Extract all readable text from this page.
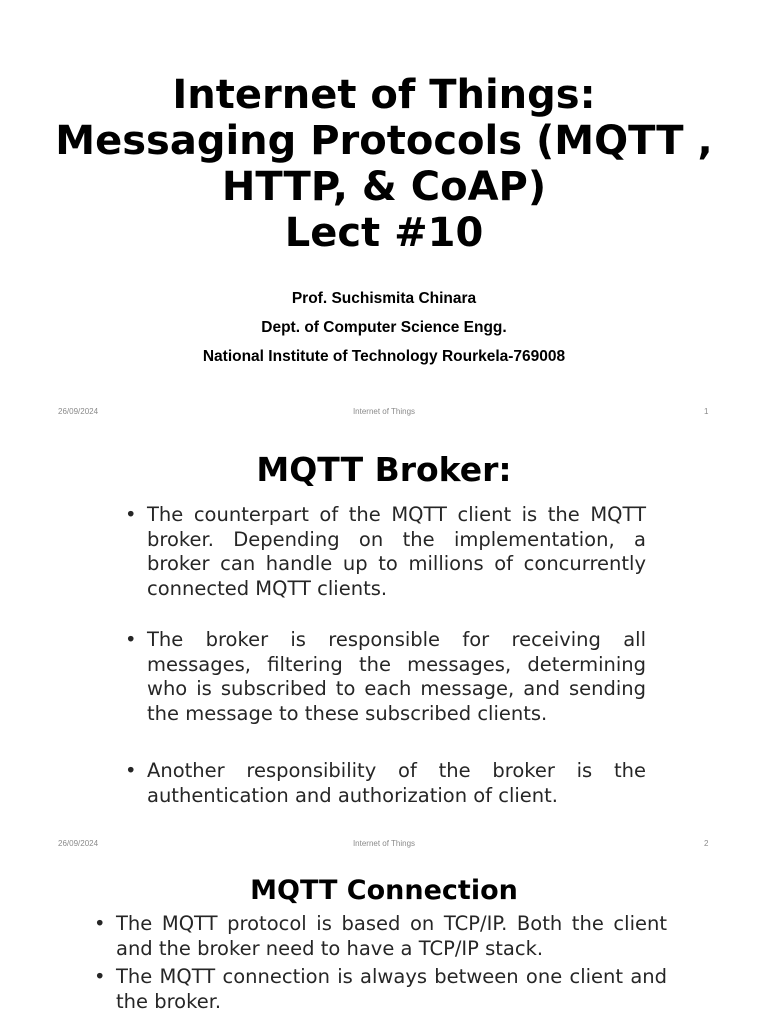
Internet of Things:
Messaging Protocols (MQTT ,
HTTP, & CoAP)
Lect #10
Prof. Suchismita Chinara
Dept. of Computer Science Engg.
National Institute of Technology Rourkela-769008
26/09/2024	Internet of Things	1
MQTT Broker:
• The counterpart of the MQTT client is the MQTT broker. Depending on the implementation, a broker can handle up to millions of concurrently connected MQTT clients.
• The broker is responsible for receiving all messages, filtering the messages, determining who is subscribed to each message, and sending the message to these subscribed clients.
• Another responsibility of the broker is the authentication and authorization of client.
26/09/2024	Internet of Things	2
MQTT Connection
• The MQTT protocol is based on TCP/IP. Both the client and the broker need to have a TCP/IP stack.
• The MQTT connection is always between one client and the broker.
